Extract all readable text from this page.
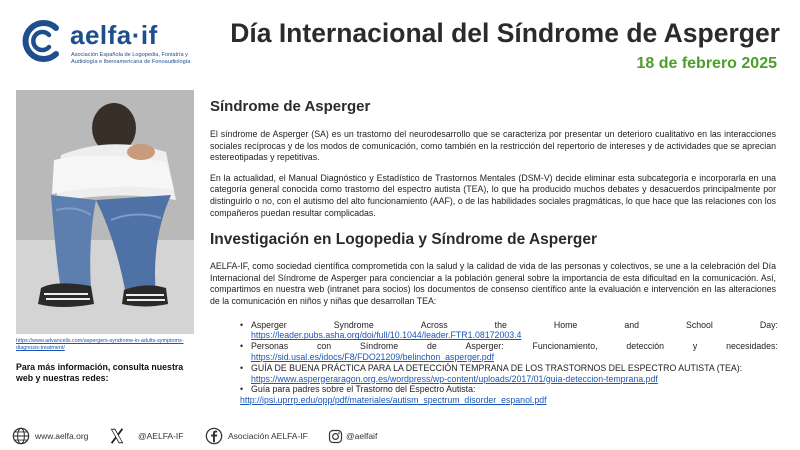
aelfa·if
Asociación Española de Logopedia, Foniatría y Audiología e Iberoamericana de Fonoaudiología
Día Internacional del Síndrome de Asperger
18 de febrero 2025
https://www.advancells.com/aspergers-syndrome-in-adults-symptoms-diagnosis-treatment/
Para más información, consulta nuestra web y nuestras redes:
Síndrome de Asperger

El síndrome de Asperger (SA) es un trastorno del neurodesarrollo que se caracteriza por presentar un deterioro cualitativo en las interacciones sociales recíprocas y de los modos de comunicación, como también en la restricción del repertorio de intereses y de actividades que se aprecian estereotipadas y repetitivas.

En la actualidad, el Manual Diagnóstico y Estadístico de Trastornos Mentales (DSM-V) decide eliminar esta subcategoría e incorporarla en una categoría general conocida como trastorno del espectro autista (TEA), lo que ha producido muchos debates y desacuerdos principalmente por distinguirlo o no, con el autismo del alto funcionamiento (AAF), o de las habilidades sociales pragmáticas, lo que hace que las relaciones con los compañeros puedan resultar complicadas.

Investigación en Logopedia y Síndrome de Asperger

AELFA-IF, como sociedad científica comprometida con la salud y la calidad de vida de las personas y colectivos, se une a la celebración del Día Internacional del Síndrome de Asperger para concienciar a la población general sobre la importancia de esta dificultad en la comunicación. Así, compartimos en nuestra web (intranet para socios) los documentos de consenso científico ante la evaluación e intervención en las alteraciones de la comunicación en niños y niñas que desarrollan TEA:

• Asperger	Syndrome	Across	the	Home	and	School	Day:
https://leader.pubs.asha.org/doi/full/10.1044/leader.FTR1.08172003.4
• Personas	con	Síndrome	de	Asperger:	Funcionamiento,	detección	y	necesidades:
https://sid.usal.es/idocs/F8/FDO21209/belinchon_asperger.pdf
• GUÍA DE BUENA PRÁCTICA PARA LA DETECCIÓN TEMPRANA DE LOS TRASTORNOS DEL ESPECTRO AUTISTA (TEA):
https://www.aspergeraragon.org.es/wordpress/wp-content/uploads/2017/01/guia-deteccion-temprana.pdf
• Guía para padres sobre el Trastorno del Espectro Autista:
http://ipsi.uprrp.edu/opp/pdf/materiales/autism_spectrum_disorder_espanol.pdf
www.aelfa.org	@AELFA-IF	Asociación AELFA-IF	@aelfaif
